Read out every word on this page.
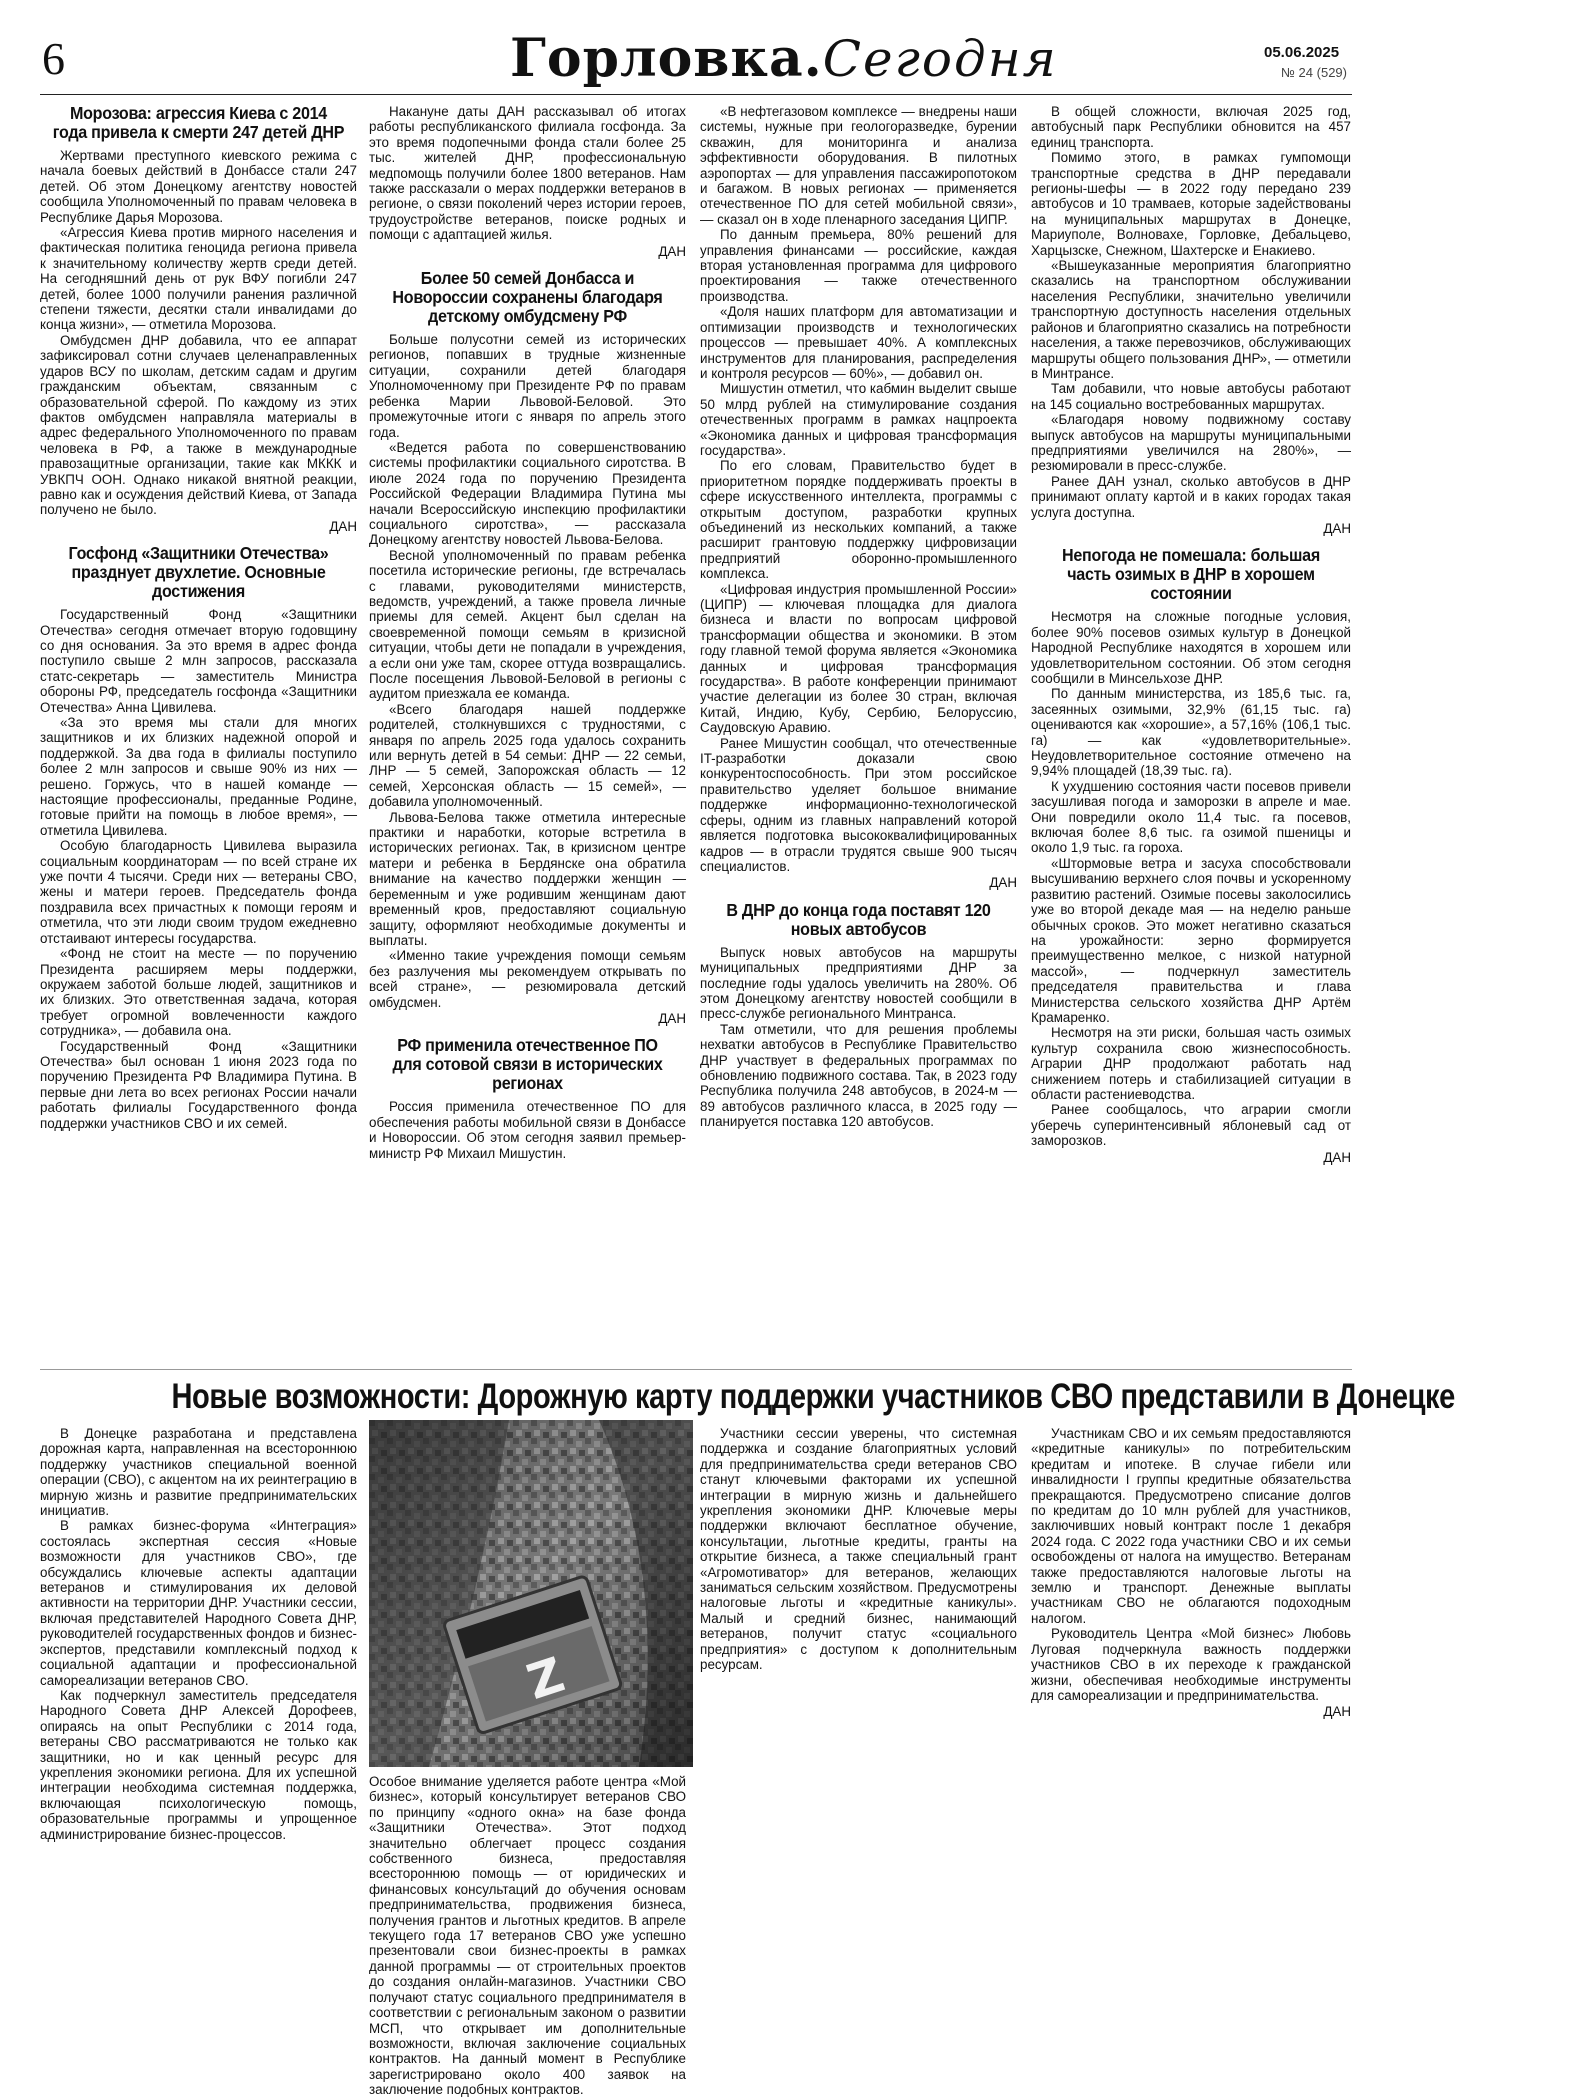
6	Горловка.Сегодня	05.06.2025
№ 24 (529)
Морозова: агрессия Киева с 2014 года привела к смерти 247 детей ДНР

Жертвами преступного киевского режима с начала боевых действий в Донбассе стали 247 детей. Об этом Донецкому агентству новостей сообщила Уполномоченный по правам человека в Республике Дарья Морозова.

«Агрессия Киева против мирного населения и фактическая политика геноцида региона привела к значительному количеству жертв среди детей. На сегодняшний день от рук ВФУ погибли 247 детей, более 1000 получили ранения различной степени тяжести, десятки стали инвалидами до конца жизни», — отметила Морозова.

Омбудсмен ДНР добавила, что ее аппарат зафиксировал сотни случаев целенаправленных ударов ВСУ по школам, детским садам и другим гражданским объектам, связанным с образовательной сферой. По каждому из этих фактов омбудсмен направляла материалы в адрес федерального Уполномоченного по правам человека в РФ, а также в международные правозащитные организации, такие как МККК и УВКПЧ ООН. Однако никакой внятной реакции, равно как и осуждения действий Киева, от Запада получено не было.

ДАН

Госфонд «Защитники Отечества» празднует двухлетие. Основные достижения

Государственный Фонд «Защитники Отечества» сегодня отмечает вторую годовщину со дня основания. За это время в адрес фонда поступило свыше 2 млн запросов, рассказала статс-секретарь — заместитель Министра обороны РФ, председатель госфонда «Защитники Отечества» Анна Цивилева.

«За это время мы стали для многих защитников и их близких надежной опорой и поддержкой. За два года в филиалы поступило более 2 млн запросов и свыше 90% из них — решено. Горжусь, что в нашей команде — настоящие профессионалы, преданные Родине, готовые прийти на помощь в любое время», — отметила Цивилева.

Особую благодарность Цивилева выразила социальным координаторам — по всей стране их уже почти 4 тысячи. Среди них — ветераны СВО, жены и матери героев. Председатель фонда поздравила всех причастных к помощи героям и отметила, что эти люди своим трудом ежедневно отстаивают интересы государства.

«Фонд не стоит на месте — по поручению Президента расширяем меры поддержки, окружаем заботой больше людей, защитников и их близких. Это ответственная задача, которая требует огромной вовлеченности каждого сотрудника», — добавила она.

Государственный Фонд «Защитники Отечества» был основан 1 июня 2023 года по поручению Президента РФ Владимира Путина. В первые дни лета во всех регионах России начали работать филиалы Государственного фонда поддержки участников СВО и их семей.

Накануне даты ДАН рассказывал об итогах работы республиканского филиала госфонда. За это время подопечными фонда стали более 25 тыс. жителей ДНР, профессиональную медпомощь получили более 1800 ветеранов. Нам также рассказали о мерах поддержки ветеранов в регионе, о связи поколений через истории героев, трудоустройстве ветеранов, поиске родных и помощи с адаптацией жилья.

ДАН

Более 50 семей Донбасса и Новороссии сохранены благодаря детскому омбудсмену РФ

Больше полусотни семей из исторических регионов, попавших в трудные жизненные ситуации, сохранили детей благодаря Уполномоченному при Президенте РФ по правам ребенка Марии Львовой-Беловой. Это промежуточные итоги с января по апрель этого года.

«Ведется работа по совершенствованию системы профилактики социального сиротства. В июле 2024 года по поручению Президента Российской Федерации Владимира Путина мы начали Всероссийскую инспекцию профилактики социального сиротства», — рассказала Донецкому агентству новостей Львова-Белова.

Весной уполномоченный по правам ребенка посетила исторические регионы, где встречалась с главами, руководителями министерств, ведомств, учреждений, а также провела личные приемы для семей. Акцент был сделан на своевременной помощи семьям в кризисной ситуации, чтобы дети не попадали в учреждения, а если они уже там, скорее оттуда возвращались. После посещения Львовой-Беловой в регионы с аудитом приезжала ее команда.

«Всего благодаря нашей поддержке родителей, столкнувшихся с трудностями, с января по апрель 2025 года удалось сохранить или вернуть детей в 54 семьи: ДНР — 22 семьи, ЛНР — 5 семей, Запорожская область — 12 семей, Херсонская область — 15 семей», — добавила уполномоченный.

Львова-Белова также отметила интересные практики и наработки, которые встретила в исторических регионах. Так, в кризисном центре матери и ребенка в Бердянске она обратила внимание на качество поддержки женщин — беременным и уже родившим женщинам дают временный кров, предоставляют социальную защиту, оформляют необходимые документы и выплаты.

«Именно такие учреждения помощи семьям без разлучения мы рекомендуем открывать по всей стране», — резюмировала детский омбудсмен.

ДАН

РФ применила отечественное ПО для сотовой связи в исторических регионах

Россия применила отечественное ПО для обеспечения работы мобильной связи в Донбассе и Новороссии. Об этом сегодня заявил премьер-министр РФ Михаил Мишустин.

«В нефтегазовом комплексе — внедрены наши системы, нужные при геологоразведке, бурении скважин, для мониторинга и анализа эффективности оборудования. В пилотных аэропортах — для управления пассажиропотоком и багажом. В новых регионах — применяется отечественное ПО для сетей мобильной связи», — сказал он в ходе пленарного заседания ЦИПР.

По данным премьера, 80% решений для управления финансами — российские, каждая вторая установленная программа для цифрового проектирования — также отечественного производства.

«Доля наших платформ для автоматизации и оптимизации производств и технологических процессов — превышает 40%. А комплексных инструментов для планирования, распределения и контроля ресурсов — 60%», — добавил он.

Мишустин отметил, что кабмин выделит свыше 50 млрд рублей на стимулирование создания отечественных программ в рамках нацпроекта «Экономика данных и цифровая трансформация государства».

По его словам, Правительство будет в приоритетном порядке поддерживать проекты в сфере искусственного интеллекта, программы с открытым доступом, разработки крупных объединений из нескольких компаний, а также расширит грантовую поддержку цифровизации предприятий оборонно-промышленного комплекса.

«Цифровая индустрия промышленной России» (ЦИПР) — ключевая площадка для диалога бизнеса и власти по вопросам цифровой трансформации общества и экономики. В этом году главной темой форума является «Экономика данных и цифровая трансформация государства». В работе конференции принимают участие делегации из более 30 стран, включая Китай, Индию, Кубу, Сербию, Белоруссию, Саудовскую Аравию.

Ранее Мишустин сообщал, что отечественные IT-разработки доказали свою конкурентоспособность. При этом российское правительство уделяет большое внимание поддержке информационно-технологической сферы, одним из главных направлений которой является подготовка высококвалифицированных кадров — в отрасли трудятся свыше 900 тысяч специалистов.

ДАН

В ДНР до конца года поставят 120 новых автобусов

Выпуск новых автобусов на маршруты муниципальных предприятиями ДНР за последние годы удалось увеличить на 280%. Об этом Донецкому агентству новостей сообщили в пресс-службе регионального Минтранса.

Там отметили, что для решения проблемы нехватки автобусов в Республике Правительство ДНР участвует в федеральных программах по обновлению подвижного состава. Так, в 2023 году Республика получила 248 автобусов, в 2024-м — 89 автобусов различного класса, в 2025 году — планируется поставка 120 автобусов.

В общей сложности, включая 2025 год, автобусный парк Республики обновится на 457 единиц транспорта.

Помимо этого, в рамках гумпомощи транспортные средства в ДНР передавали регионы-шефы — в 2022 году передано 239 автобусов и 10 трамваев, которые задействованы на муниципальных маршрутах в Донецке, Мариуполе, Волновахе, Горловке, Дебальцево, Харцызске, Снежном, Шахтерске и Енакиево.

«Вышеуказанные мероприятия благоприятно сказались на транспортном обслуживании населения Республики, значительно увеличили транспортную доступность населения отдельных районов и благоприятно сказались на потребности населения, а также перевозчиков, обслуживающих маршруты общего пользования ДНР», — отметили в Минтрансе.

Там добавили, что новые автобусы работают на 145 социально востребованных маршрутах.

«Благодаря новому подвижному составу выпуск автобусов на маршруты муниципальными предприятиями увеличился на 280%», — резюмировали в пресс-службе.

Ранее ДАН узнал, сколько автобусов в ДНР принимают оплату картой и в каких городах такая услуга доступна.

ДАН

Непогода не помешала: большая часть озимых в ДНР в хорошем состоянии

Несмотря на сложные погодные условия, более 90% посевов озимых культур в Донецкой Народной Республике находятся в хорошем или удовлетворительном состоянии. Об этом сегодня сообщили в Минсельхозе ДНР.

По данным министерства, из 185,6 тыс. га, засеянных озимыми, 32,9% (61,15 тыс. га) оцениваются как «хорошие», а 57,16% (106,1 тыс. га) — как «удовлетворительные». Неудовлетворительное состояние отмечено на 9,94% площадей (18,39 тыс. га).

К ухудшению состояния части посевов привели засушливая погода и заморозки в апреле и мае. Они повредили около 11,4 тыс. га посевов, включая более 8,6 тыс. га озимой пшеницы и около 1,9 тыс. га гороха.

«Штормовые ветра и засуха способствовали высушиванию верхнего слоя почвы и ускоренному развитию растений. Озимые посевы заколосились уже во второй декаде мая — на неделю раньше обычных сроков. Это может негативно сказаться на урожайности: зерно формируется преимущественно мелкое, с низкой натурной массой», — подчеркнул заместитель председателя правительства и глава Министерства сельского хозяйства ДНР Артём Крамаренко.

Несмотря на эти риски, большая часть озимых культур сохранила свою жизнеспособность. Аграрии ДНР продолжают работать над снижением потерь и стабилизацией ситуации в области растениеводства.

Ранее сообщалось, что аграрии смогли уберечь суперинтенсивный яблоневый сад от заморозков.

ДАН

Новые возможности: Дорожную карту поддержки участников СВО представили в Донецке

В Донецке разработана и представлена дорожная карта, направленная на всестороннюю поддержку участников специальной военной операции (СВО), с акцентом на их реинтеграцию в мирную жизнь и развитие предпринимательских инициатив.

В рамках бизнес-форума «Интеграция» состоялась экспертная сессия «Новые возможности для участников СВО», где обсуждались ключевые аспекты адаптации ветеранов и стимулирования их деловой активности на территории ДНР. Участники сессии, включая представителей Народного Совета ДНР, руководителей государственных фондов и бизнес-экспертов, представили комплексный подход к социальной адаптации и профессиональной самореализации ветеранов СВО.

Как подчеркнул заместитель председателя Народного Совета ДНР Алексей Дорофеев, опираясь на опыт Республики с 2014 года, ветераны СВО рассматриваются не только как защитники, но и как ценный ресурс для укрепления экономики региона. Для их успешной интеграции необходима системная поддержка, включающая психологическую помощь, образовательные программы и упрощенное администрирование бизнес-процессов.

Z

Особое внимание уделяется работе центра «Мой бизнес», который консультирует ветеранов СВО по принципу «одного окна» на базе фонда «Защитники Отечества». Этот подход значительно облегчает процесс создания собственного бизнеса, предоставляя всестороннюю помощь — от юридических и финансовых консультаций до обучения основам предпринимательства, продвижения бизнеса, получения грантов и льготных кредитов. В апреле текущего года 17 ветеранов СВО уже успешно презентовали свои бизнес-проекты в рамках данной программы — от строительных проектов до создания онлайн-магазинов. Участники СВО получают статус социального предпринимателя в соответствии с региональным законом о развитии МСП, что открывает им дополнительные возможности, включая заключение социальных контрактов. На данный момент в Республике зарегистрировано около 400 заявок на заключение подобных контрактов.

Участники сессии уверены, что системная поддержка и создание благоприятных условий для предпринимательства среди ветеранов СВО станут ключевыми факторами их успешной интеграции в мирную жизнь и дальнейшего укрепления экономики ДНР. Ключевые меры поддержки включают бесплатное обучение, консультации, льготные кредиты, гранты на открытие бизнеса, а также специальный грант «Агромотиватор» для ветеранов, желающих заниматься сельским хозяйством. Предусмотрены налоговые льготы и «кредитные каникулы». Малый и средний бизнес, нанимающий ветеранов, получит статус «социального предприятия» с доступом к дополнительным ресурсам.

Участникам СВО и их семьям предоставляются «кредитные каникулы» по потребительским кредитам и ипотеке. В случае гибели или инвалидности I группы кредитные обязательства прекращаются. Предусмотрено списание долгов по кредитам до 10 млн рублей для участников, заключивших новый контракт после 1 декабря 2024 года. С 2022 года участники СВО и их семьи освобождены от налога на имущество. Ветеранам также предоставляются налоговые льготы на землю и транспорт. Денежные выплаты участникам СВО не облагаются подоходным налогом.

Руководитель Центра «Мой бизнес» Любовь Луговая подчеркнула важность поддержки участников СВО в их переходе к гражданской жизни, обеспечивая необходимые инструменты для самореализации и предпринимательства.

ДАН
